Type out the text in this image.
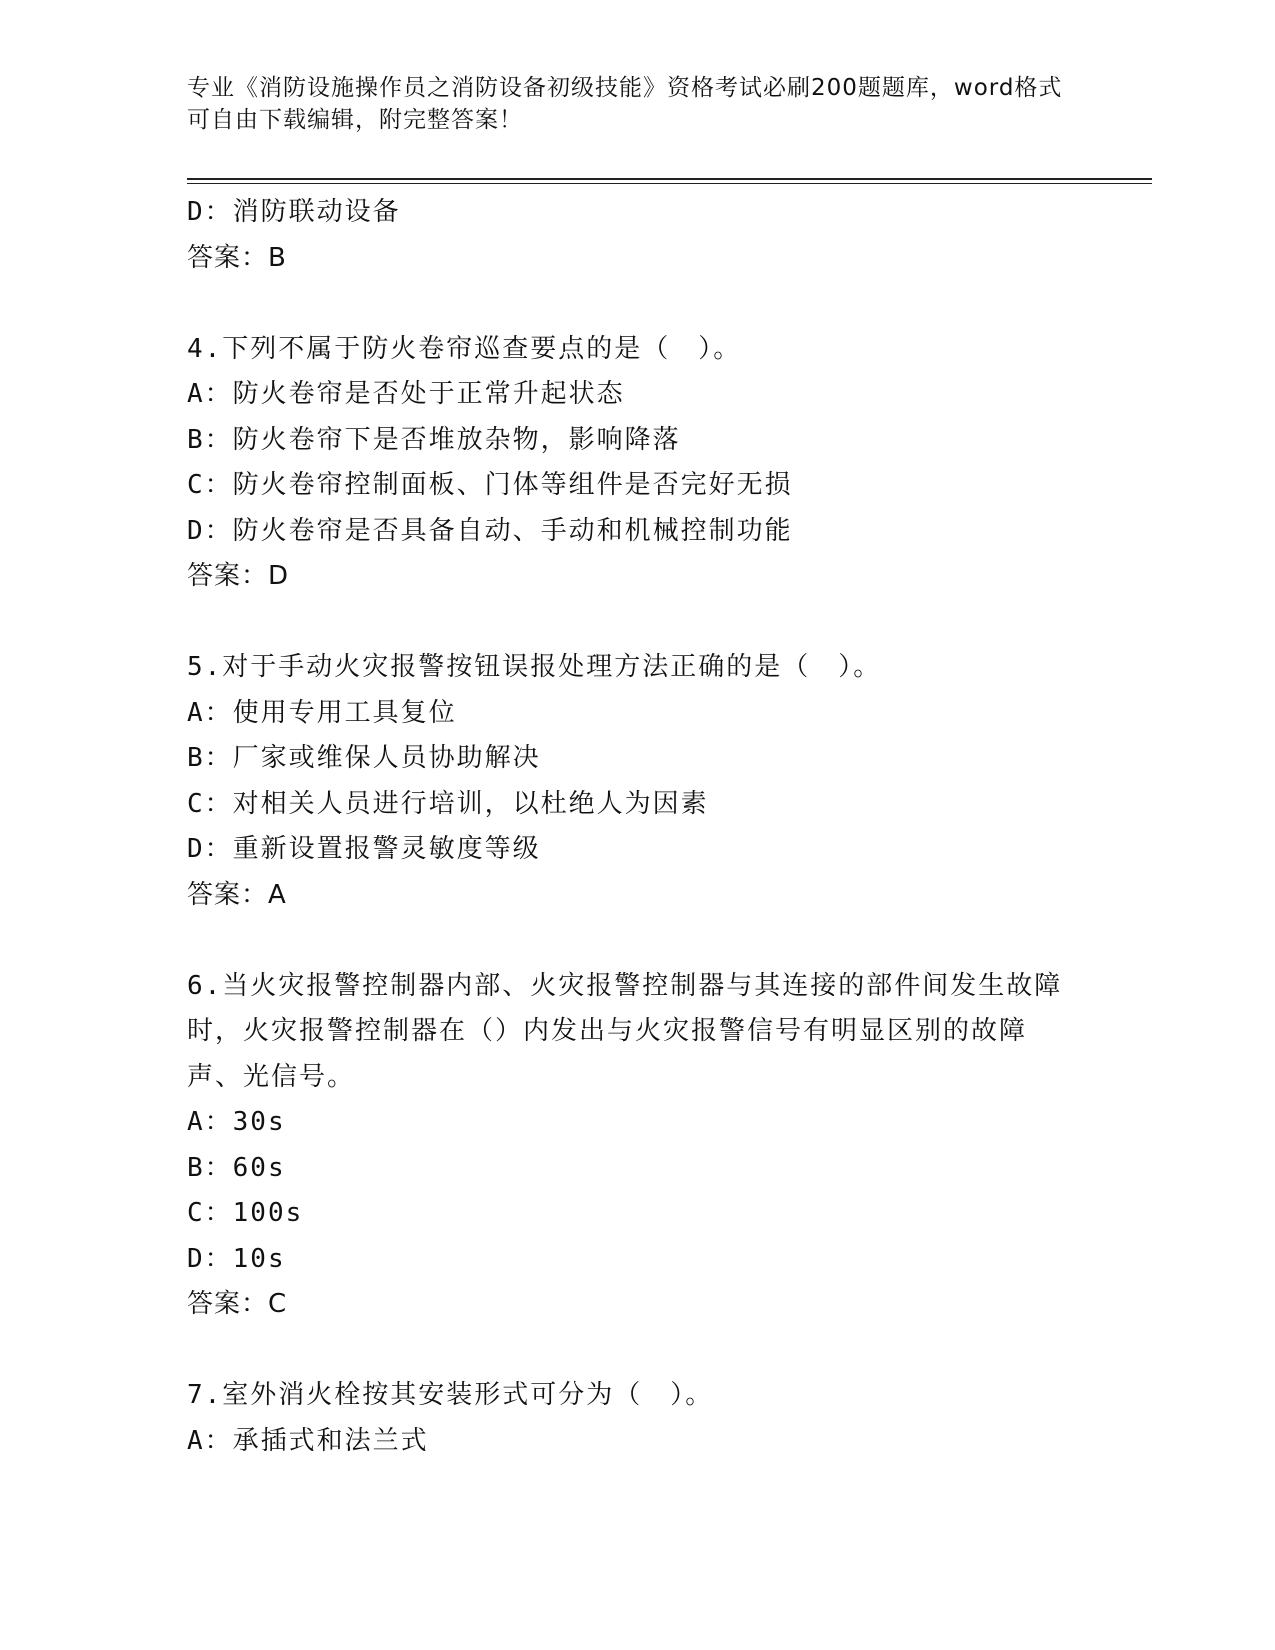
专业《消防设施操作员之消防设备初级技能》资格考试必刷200题题库，word格式可自由下载编辑，附完整答案！
D：消防联动设备
答案：B
4.下列不属于防火卷帘巡查要点的是（　）。
A：防火卷帘是否处于正常升起状态
B：防火卷帘下是否堆放杂物，影响降落
C：防火卷帘控制面板、门体等组件是否完好无损
D：防火卷帘是否具备自动、手动和机械控制功能
答案：D
5.对于手动火灾报警按钮误报处理方法正确的是（　）。
A：使用专用工具复位
B：厂家或维保人员协助解决
C：对相关人员进行培训，以杜绝人为因素
D：重新设置报警灵敏度等级
答案：A
6.当火灾报警控制器内部、火灾报警控制器与其连接的部件间发生故障时，火灾报警控制器在（）内发出与火灾报警信号有明显区别的故障声、光信号。
A：30s
B：60s
C：100s
D：10s
答案：C
7.室外消火栓按其安装形式可分为（　）。
A：承插式和法兰式
